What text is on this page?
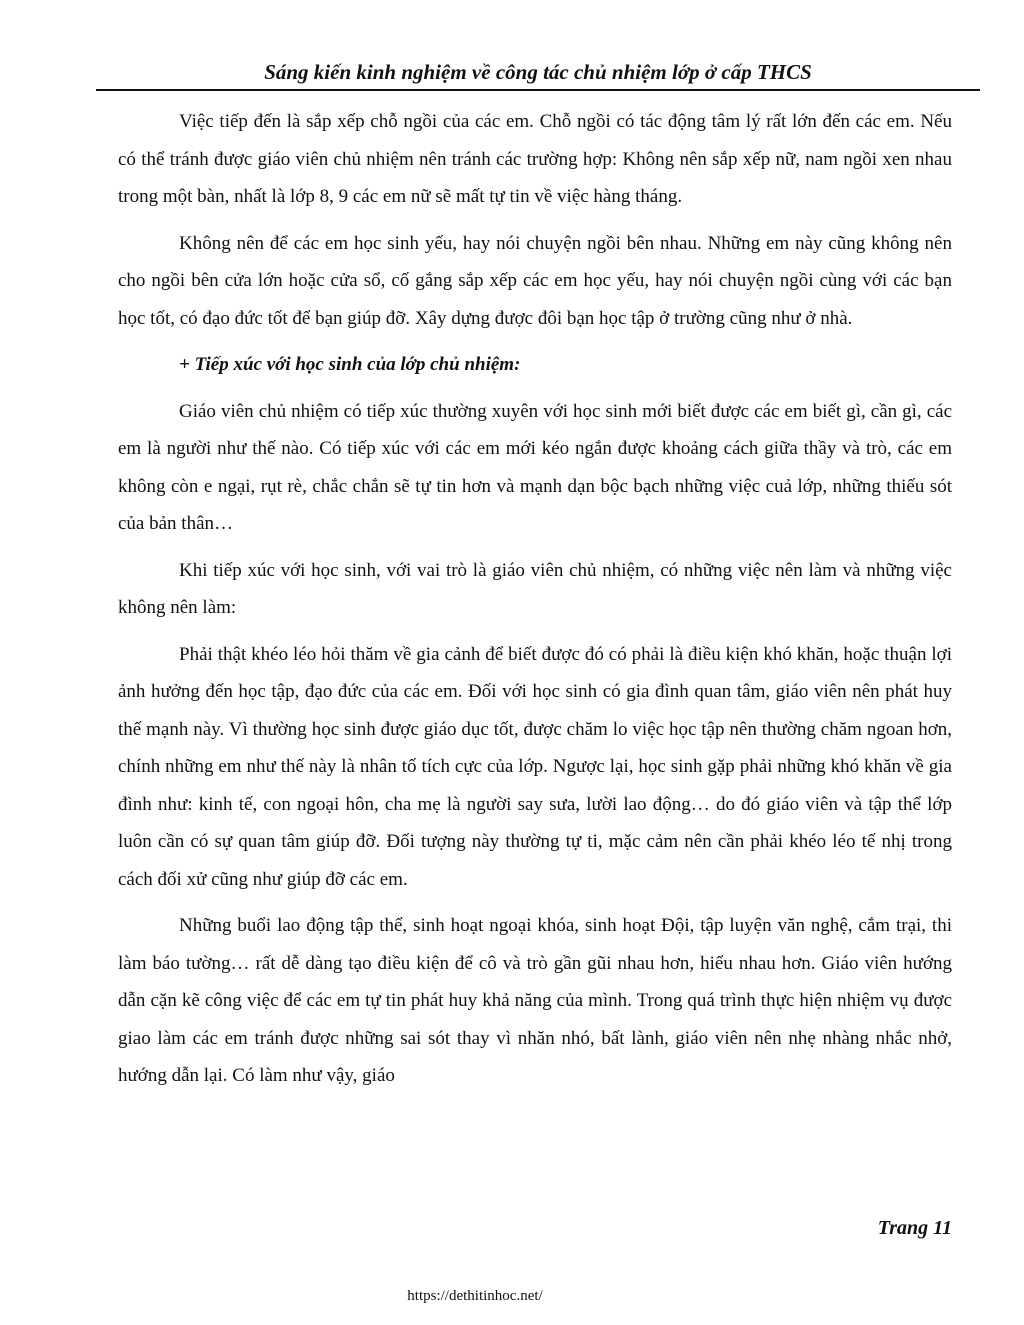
Sáng kiến kinh nghiệm về công tác chủ nhiệm lớp ở cấp THCS

Việc tiếp đến là sắp xếp chỗ ngồi của các em. Chỗ ngồi có tác động tâm lý rất lớn đến các em. Nếu có thể tránh được giáo viên chủ nhiệm nên tránh các trường hợp: Không nên sắp xếp nữ, nam ngồi xen nhau trong một bàn, nhất là lớp 8, 9 các em nữ sẽ mất tự tin về việc hàng tháng.

Không nên để các em học sinh yếu, hay nói chuyện ngồi bên nhau. Những em này cũng không nên cho ngồi bên cửa lớn hoặc cửa sổ, cố gắng sắp xếp các em học yếu, hay nói chuyện ngồi cùng với các bạn học tốt, có đạo đức tốt để bạn giúp đỡ. Xây dựng được đôi bạn học tập ở trường cũng như ở nhà.

+ Tiếp xúc với học sinh của lớp chủ nhiệm:

Giáo viên chủ nhiệm có tiếp xúc thường xuyên với học sinh mới biết được các em biết gì, cần gì, các em là người như thế nào. Có tiếp xúc với các em mới kéo ngắn được khoảng cách giữa thầy và trò, các em không còn e ngại, rụt rè, chắc chắn sẽ tự tin hơn và mạnh dạn bộc bạch những việc cuả lớp, những thiếu sót của bản thân…

Khi tiếp xúc với học sinh, với vai trò là giáo viên chủ nhiệm, có những việc nên làm và những việc không nên làm:

Phải thật khéo léo hỏi thăm về gia cảnh để biết được đó có phải là điều kiện khó khăn, hoặc thuận lợi ảnh hưởng đến học tập, đạo đức của các em. Đối với học sinh có gia đình quan tâm, giáo viên nên phát huy thế mạnh này. Vì thường học sinh được giáo dục tốt, được chăm lo việc học tập nên thường chăm ngoan hơn, chính những em như thế này là nhân tố tích cực của lớp. Ngược lại, học sinh gặp phải những khó khăn về gia đình như: kinh tế, con ngoại hôn, cha mẹ là người say sưa, lười lao động… do đó giáo viên và tập thể lớp luôn cần có sự quan tâm giúp đỡ. Đối tượng này thường tự ti, mặc cảm nên cần phải khéo léo tế nhị trong cách đối xử cũng như giúp đỡ các em.

Những buổi lao động tập thể, sinh hoạt ngoại khóa, sinh hoạt Đội, tập luyện văn nghệ, cắm trại, thi làm báo tường… rất dễ dàng tạo điều kiện để cô và trò gần gũi nhau hơn, hiểu nhau hơn. Giáo viên hướng dẫn cặn kẽ công việc để các em tự tin phát huy khả năng của mình. Trong quá trình thực hiện nhiệm vụ được giao làm các em tránh được những sai sót thay vì nhăn nhó, bất lành, giáo viên nên nhẹ nhàng nhắc nhở, hướng dẫn lại. Có làm như vậy, giáo

Trang 11
https://dethitinhoc.net/
